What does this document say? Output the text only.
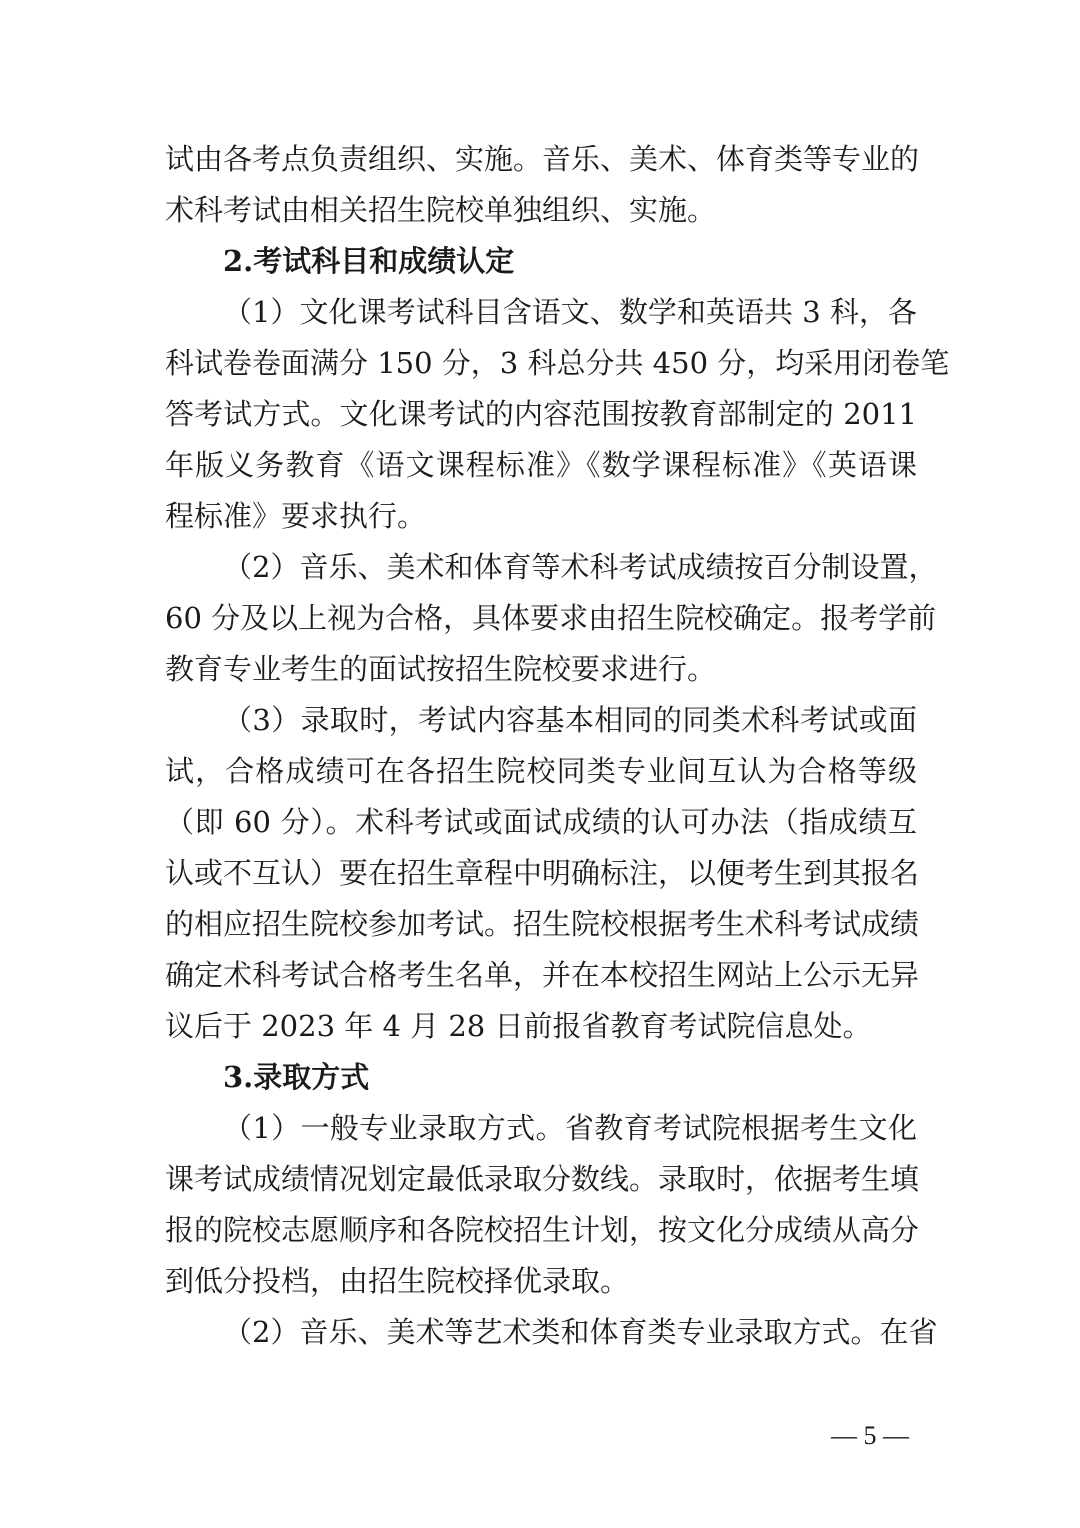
试由各考点负责组织、实施。音乐、美术、体育类等专业的
术科考试由相关招生院校单独组织、实施。
2.考试科目和成绩认定
（1）文化课考试科目含语文、数学和英语共 3 科，各
科试卷卷面满分 150 分，3 科总分共 450 分，均采用闭卷笔
答考试方式。文化课考试的内容范围按教育部制定的 2011
年版义务教育《语文课程标准》《数学课程标准》《英语课
程标准》要求执行。
（2）音乐、美术和体育等术科考试成绩按百分制设置，
60 分及以上视为合格，具体要求由招生院校确定。报考学前
教育专业考生的面试按招生院校要求进行。
（3）录取时，考试内容基本相同的同类术科考试或面
试，合格成绩可在各招生院校同类专业间互认为合格等级
（即 60 分）。术科考试或面试成绩的认可办法（指成绩互
认或不互认）要在招生章程中明确标注，以便考生到其报名
的相应招生院校参加考试。招生院校根据考生术科考试成绩
确定术科考试合格考生名单，并在本校招生网站上公示无异
议后于 2023 年 4 月 28 日前报省教育考试院信息处。
3.录取方式
（1）一般专业录取方式。省教育考试院根据考生文化
课考试成绩情况划定最低录取分数线。录取时，依据考生填
报的院校志愿顺序和各院校招生计划，按文化分成绩从高分
到低分投档，由招生院校择优录取。
（2）音乐、美术等艺术类和体育类专业录取方式。在省
— 5 —
